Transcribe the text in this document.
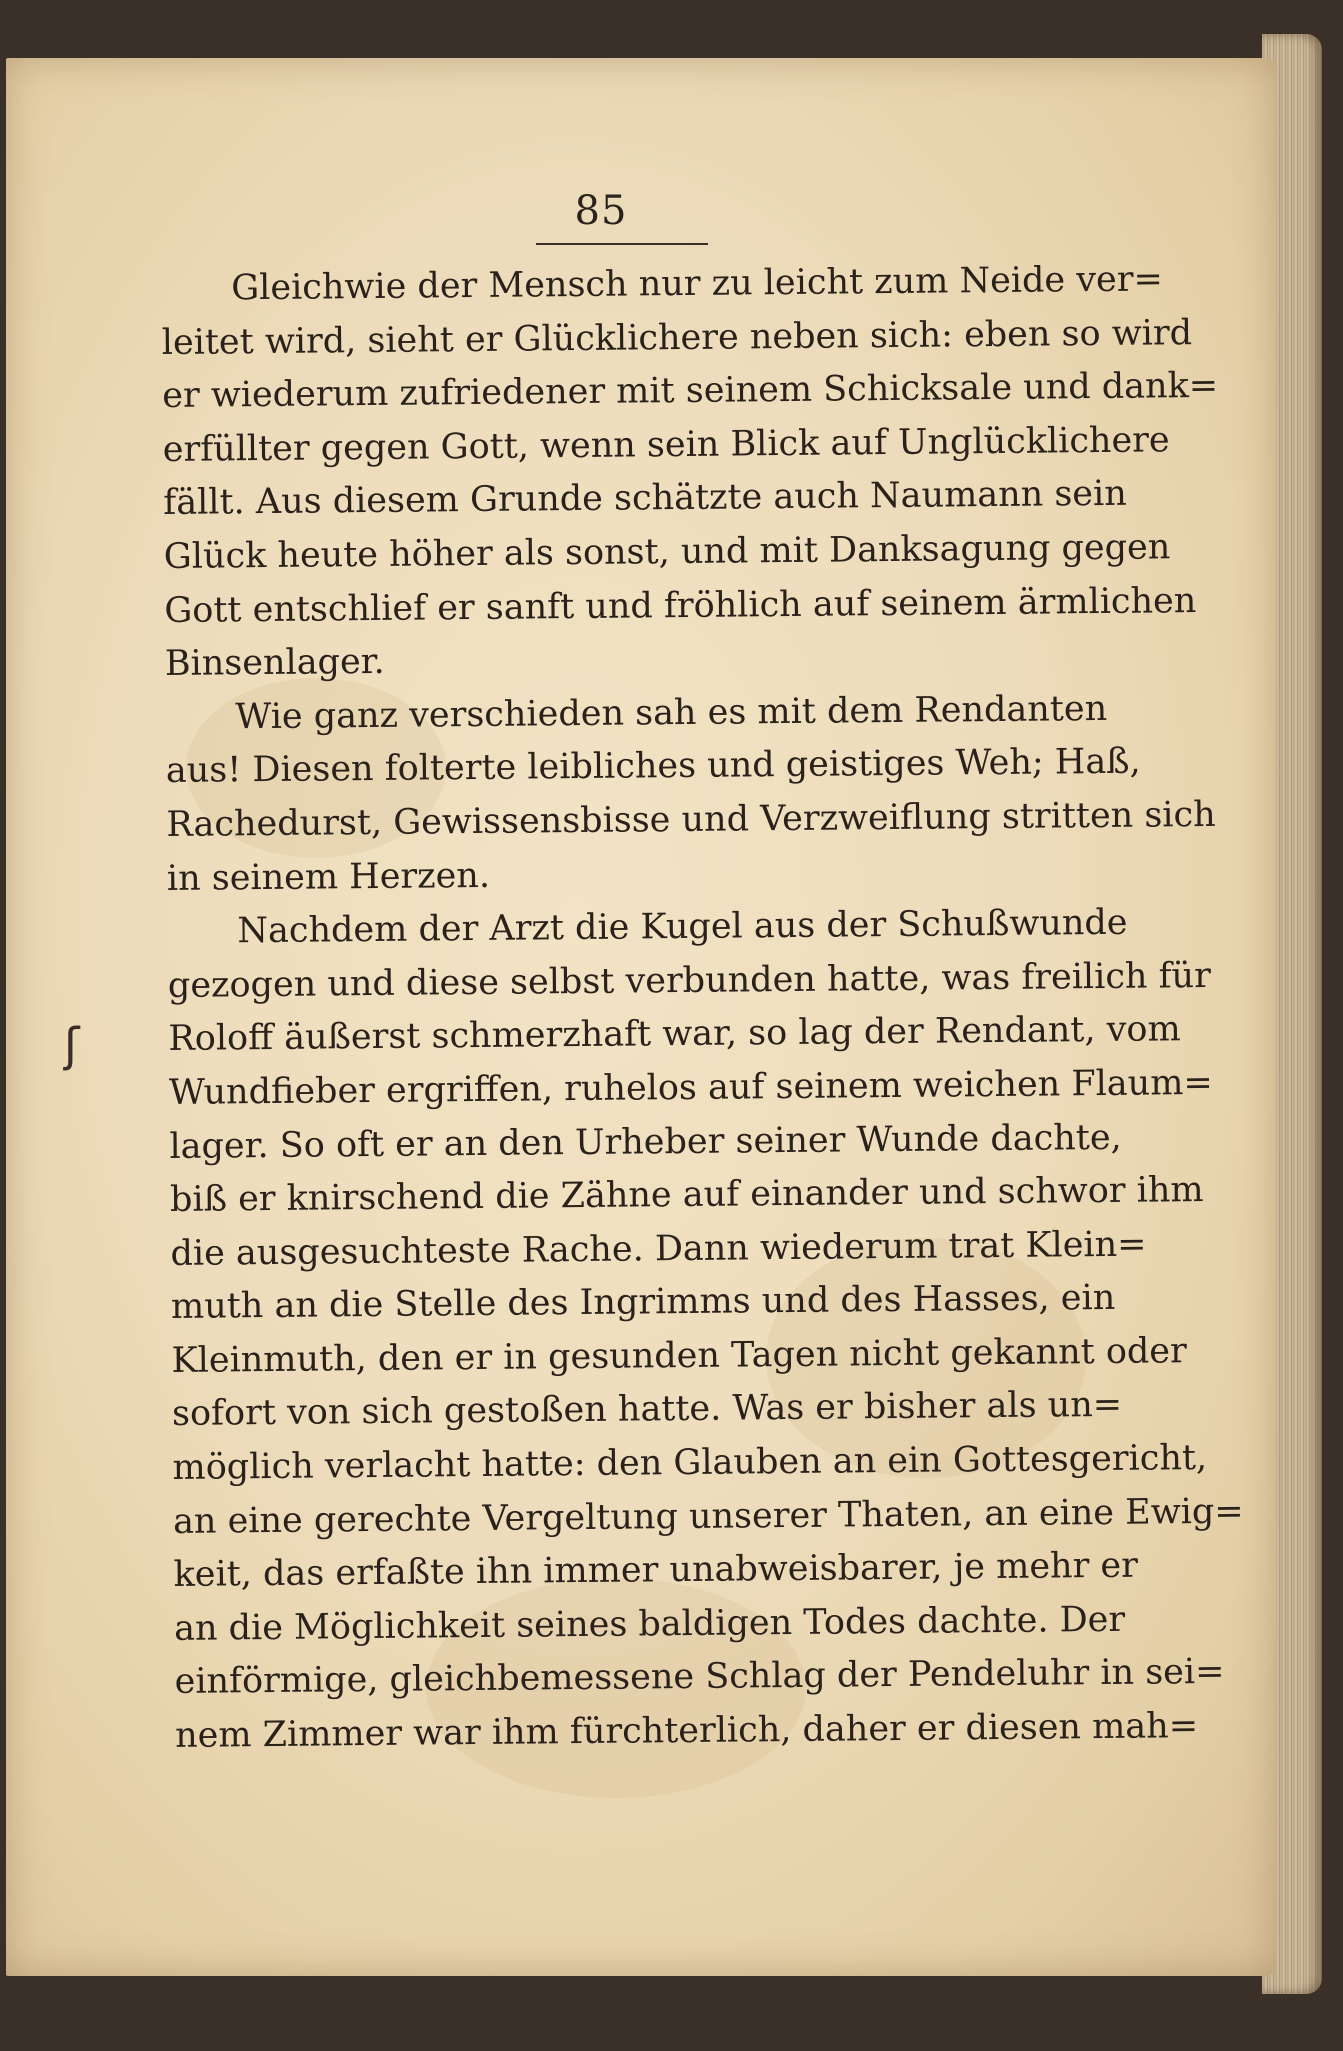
85
ʃ

Gleichwie der Mensch nur zu leicht zum Neide ver=
leitet wird, sieht er Glücklichere neben sich: eben so wird
er wiederum zufriedener mit seinem Schicksale und dank=
erfüllter gegen Gott, wenn sein Blick auf Unglücklichere
fällt. Aus diesem Grunde schätzte auch Naumann sein
Glück heute höher als sonst, und mit Danksagung gegen
Gott entschlief er sanft und fröhlich auf seinem ärmlichen
Binsenlager.

Wie ganz verschieden sah es mit dem Rendanten
aus! Diesen folterte leibliches und geistiges Weh; Haß,
Rachedurst, Gewissensbisse und Verzweiflung stritten sich
in seinem Herzen.

Nachdem der Arzt die Kugel aus der Schußwunde
gezogen und diese selbst verbunden hatte, was freilich für
Roloff äußerst schmerzhaft war, so lag der Rendant, vom
Wundfieber ergriffen, ruhelos auf seinem weichen Flaum=
lager. So oft er an den Urheber seiner Wunde dachte,
biß er knirschend die Zähne auf einander und schwor ihm
die ausgesuchteste Rache. Dann wiederum trat Klein=
muth an die Stelle des Ingrimms und des Hasses, ein
Kleinmuth, den er in gesunden Tagen nicht gekannt oder
sofort von sich gestoßen hatte. Was er bisher als un=
möglich verlacht hatte: den Glauben an ein Gottesgericht,
an eine gerechte Vergeltung unserer Thaten, an eine Ewig=
keit, das erfaßte ihn immer unabweisbarer, je mehr er
an die Möglichkeit seines baldigen Todes dachte. Der
einförmige, gleichbemessene Schlag der Pendeluhr in sei=
nem Zimmer war ihm fürchterlich, daher er diesen mah=
